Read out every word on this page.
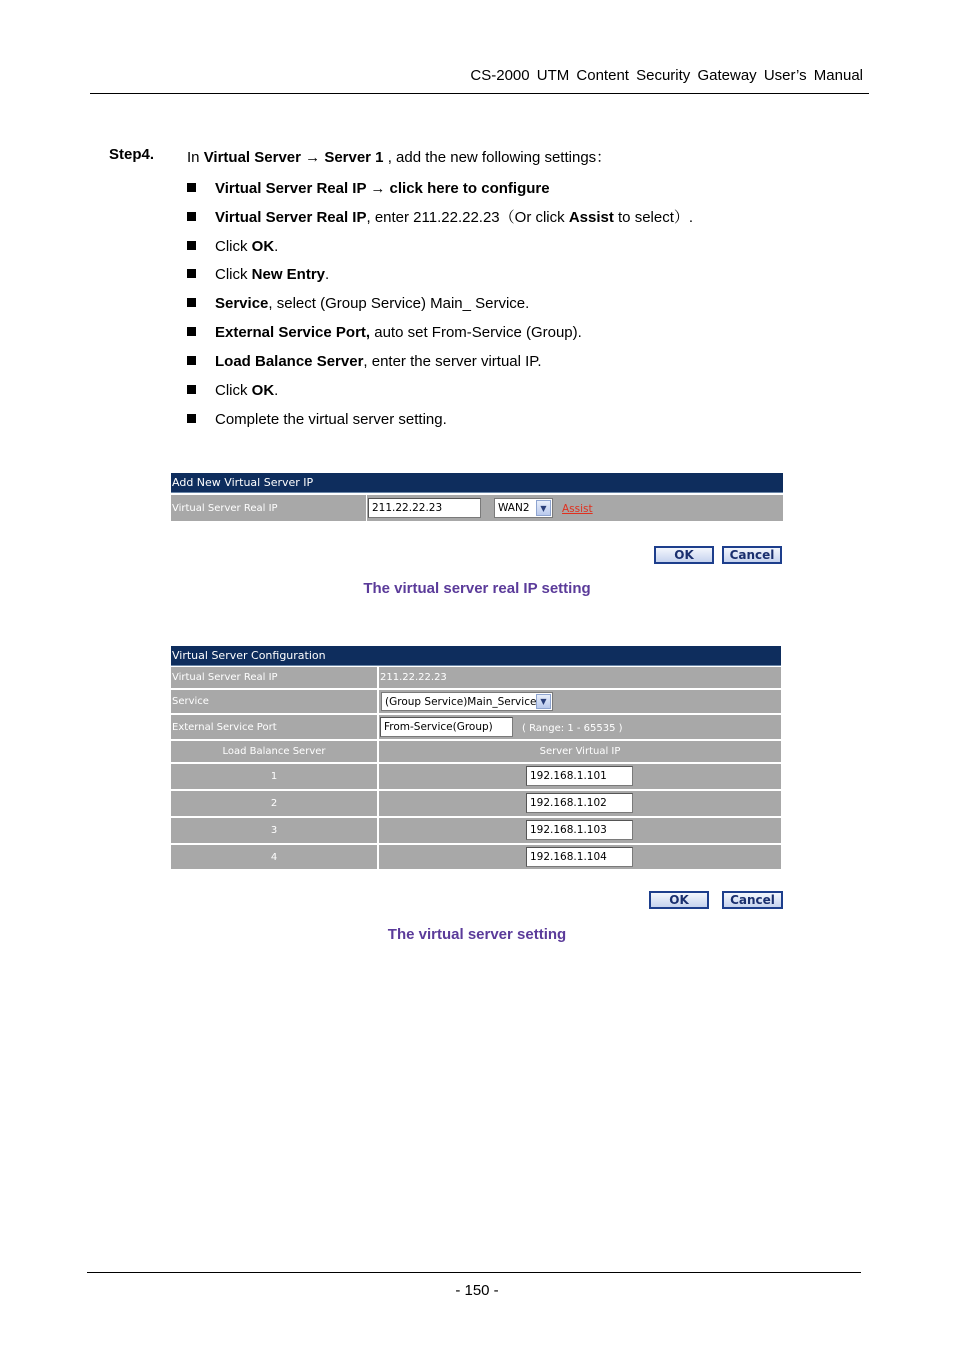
CS-2000 UTM Content Security Gateway User’s Manual
Step4. In Virtual Server → Server 1 , add the new following settings：
Virtual Server Real IP → click here to configure
Virtual Server Real IP, enter 211.22.22.23（Or click Assist to select）.
Click OK.
Click New Entry.
Service, select (Group Service) Main_ Service.
External Service Port, auto set From-Service (Group).
Load Balance Server, enter the server virtual IP.
Click OK.
Complete the virtual server setting.
Add New Virtual Server IP
Virtual Server Real IP	211.22.22.23	WAN2	▼	Assist
OK	Cancel
The virtual server real IP setting
Virtual Server Configuration
Virtual Server Real IP	211.22.22.23
Service	(Group Service)Main_Service ▼
External Service Port	From-Service(Group)	( Range: 1 - 65535 )
Load Balance Server	Server Virtual IP
1	192.168.1.101
2	192.168.1.102
3	192.168.1.103
4	192.168.1.104
OK	Cancel
The virtual server setting
- 150 -
